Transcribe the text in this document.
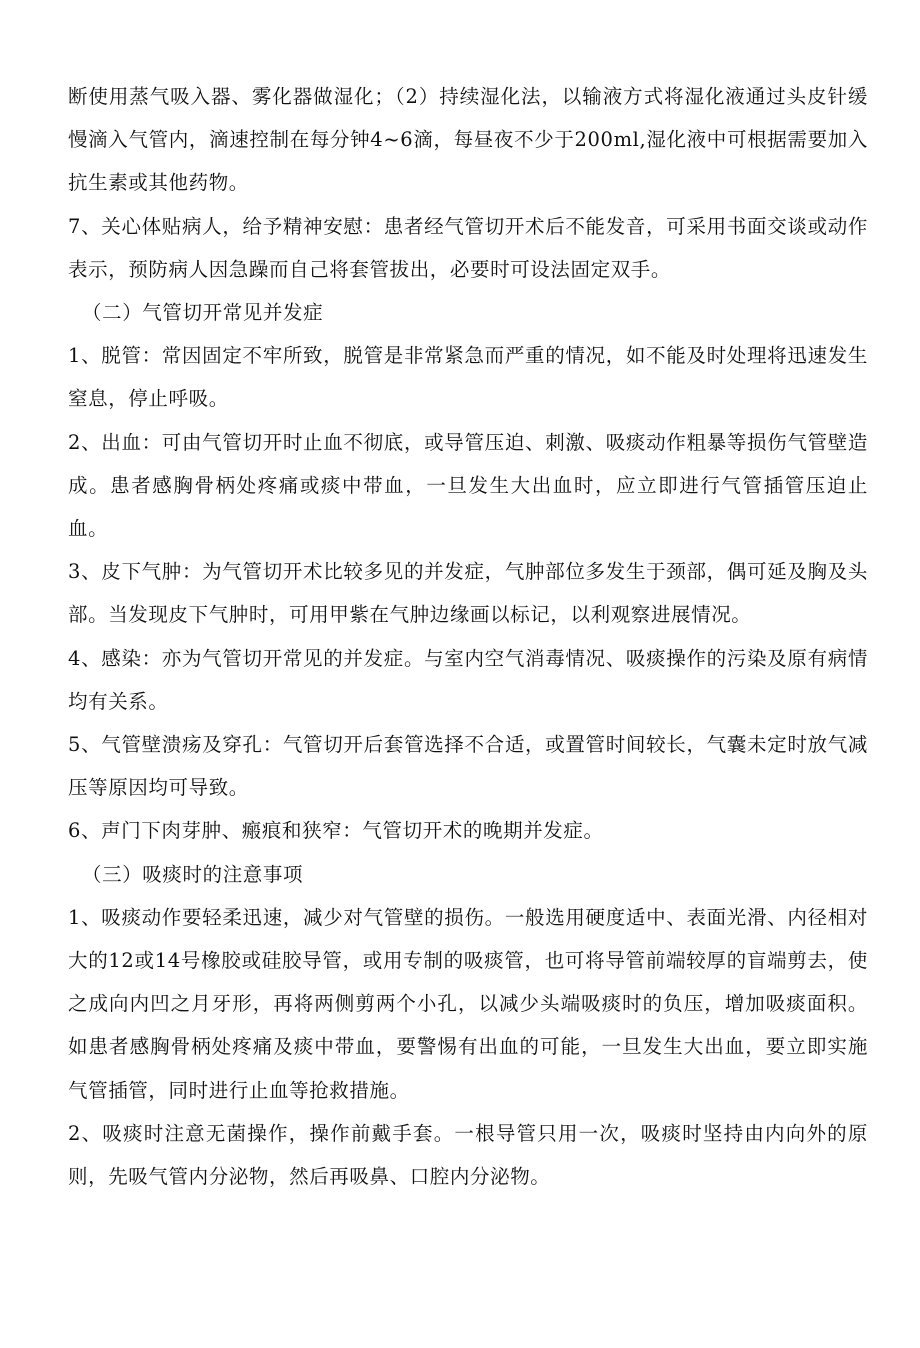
断使用蒸气吸入器、雾化器做湿化；（2）持续湿化法，以输液方式将湿化液通过头皮针缓慢滴入气管内，滴速控制在每分钟4~6滴，每昼夜不少于200ml,湿化液中可根据需要加入抗生素或其他药物。

7、关心体贴病人，给予精神安慰：患者经气管切开术后不能发音，可采用书面交谈或动作表示，预防病人因急躁而自己将套管拔出，必要时可设法固定双手。

（二）气管切开常见并发症

1、脱管：常因固定不牢所致，脱管是非常紧急而严重的情况，如不能及时处理将迅速发生窒息，停止呼吸。

2、出血：可由气管切开时止血不彻底，或导管压迫、刺激、吸痰动作粗暴等损伤气管壁造成。患者感胸骨柄处疼痛或痰中带血，一旦发生大出血时，应立即进行气管插管压迫止血。

3、皮下气肿：为气管切开术比较多见的并发症，气肿部位多发生于颈部，偶可延及胸及头部。当发现皮下气肿时，可用甲紫在气肿边缘画以标记，以利观察进展情况。

4、感染：亦为气管切开常见的并发症。与室内空气消毒情况、吸痰操作的污染及原有病情均有关系。

5、气管壁溃疡及穿孔：气管切开后套管选择不合适，或置管时间较长，气囊未定时放气减压等原因均可导致。

6、声门下肉芽肿、瘢痕和狭窄：气管切开术的晚期并发症。

（三）吸痰时的注意事项

1、吸痰动作要轻柔迅速，减少对气管壁的损伤。一般选用硬度适中、表面光滑、内径相对大的12或14号橡胶或硅胶导管，或用专制的吸痰管，也可将导管前端较厚的盲端剪去，使之成向内凹之月牙形，再将两侧剪两个小孔，以减少头端吸痰时的负压，增加吸痰面积。如患者感胸骨柄处疼痛及痰中带血，要警惕有出血的可能，一旦发生大出血，要立即实施气管插管，同时进行止血等抢救措施。

2、吸痰时注意无菌操作，操作前戴手套。一根导管只用一次，吸痰时坚持由内向外的原则，先吸气管内分泌物，然后再吸鼻、口腔内分泌物。
